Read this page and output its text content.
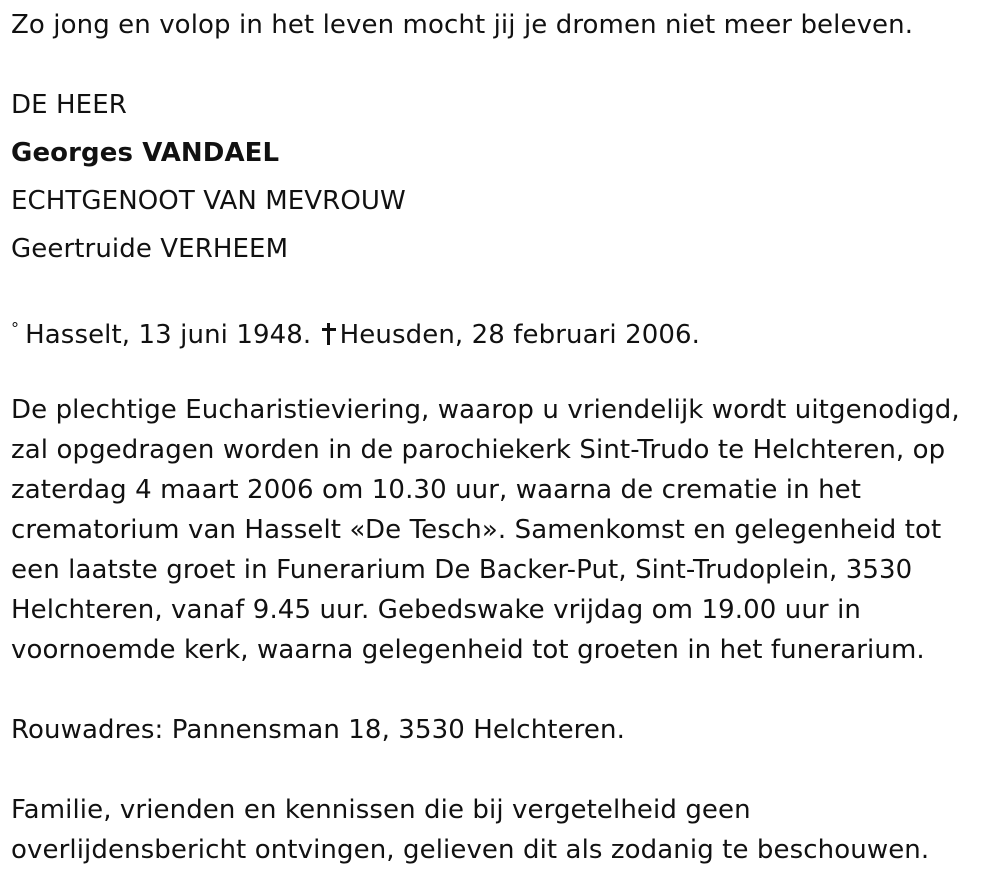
Zo jong en volop in het leven mocht jij je dromen niet meer beleven.
DE HEER
Georges VANDAEL
ECHTGENOOT VAN MEVROUW
Geertruide VERHEEM
° Hasselt, 13 juni 1948. Heusden, 28 februari 2006.
De plechtige Eucharistieviering, waarop u vriendelijk wordt uitgenodigd,
zal opgedragen worden in de parochiekerk Sint-Trudo te Helchteren, op
zaterdag 4 maart 2006 om 10.30 uur, waarna de crematie in het
crematorium van Hasselt «De Tesch». Samenkomst en gelegenheid tot
een laatste groet in Funerarium De Backer-Put, Sint-Trudoplein, 3530
Helchteren, vanaf 9.45 uur. Gebedswake vrijdag om 19.00 uur in
voornoemde kerk, waarna gelegenheid tot groeten in het funerarium.
Rouwadres: Pannensman 18, 3530 Helchteren.
Familie, vrienden en kennissen die bij vergetelheid geen
overlijdensbericht ontvingen, gelieven dit als zodanig te beschouwen.
